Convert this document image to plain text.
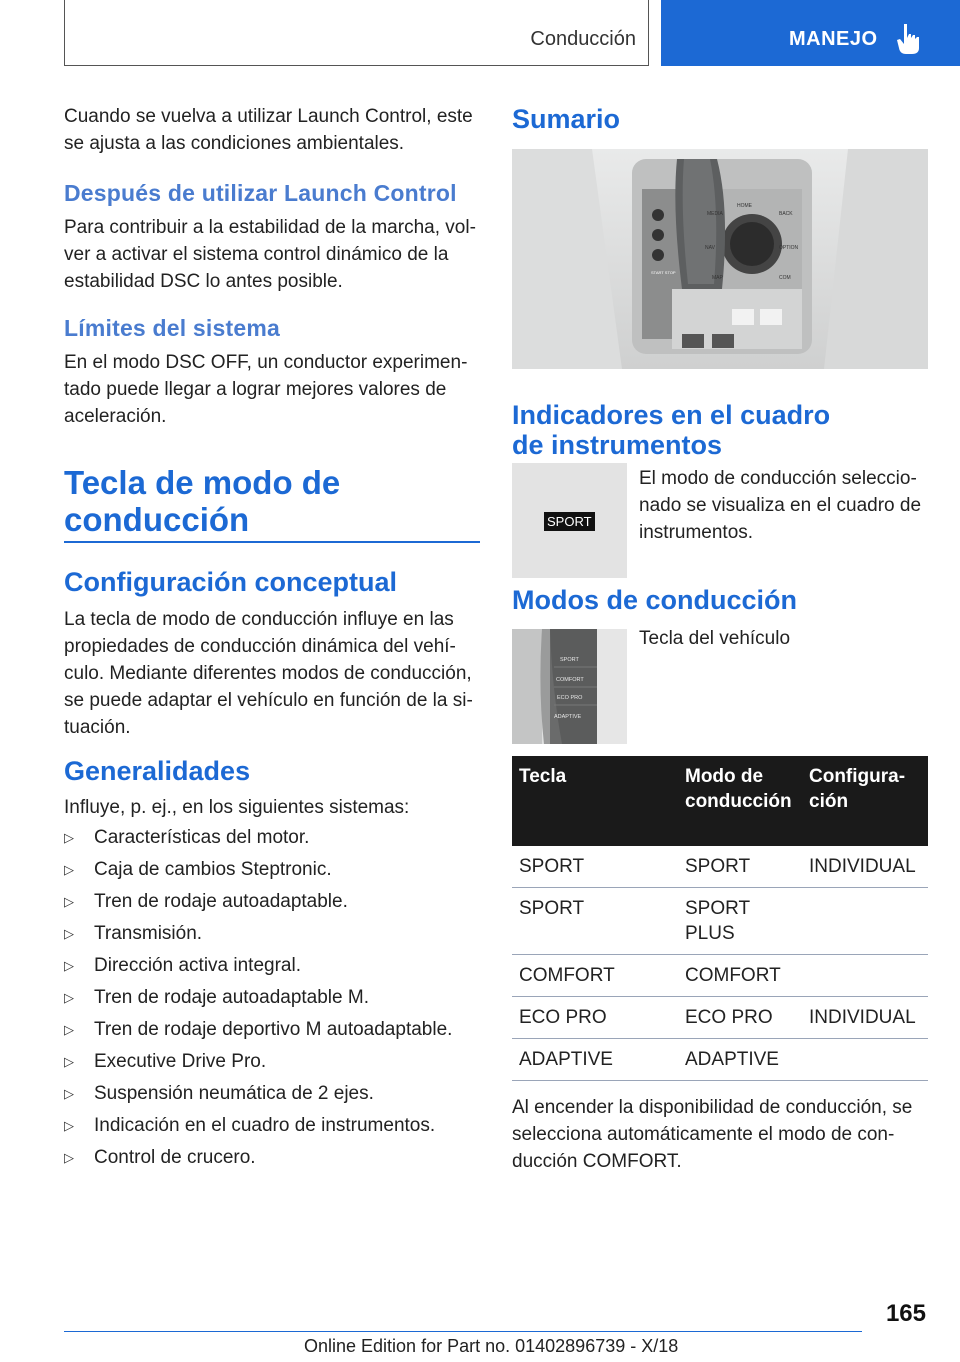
Conducción	MANEJO
Cuando se vuelva a utilizar Launch Control, este se ajusta a las condiciones ambientales.
Después de utilizar Launch Control
Para contribuir a la estabilidad de la marcha, volver a activar el sistema control dinámico de la estabilidad DSC lo antes posible.
Límites del sistema
En el modo DSC OFF, un conductor experimentado puede llegar a lograr mejores valores de aceleración.
Tecla de modo de conducción
Configuración conceptual
La tecla de modo de conducción influye en las propiedades de conducción dinámica del vehículo. Mediante diferentes modos de conducción, se puede adaptar el vehículo en función de la situación.
Generalidades
Influye, p. ej., en los siguientes sistemas:
▷ Características del motor.
▷ Caja de cambios Steptronic.
▷ Tren de rodaje autoadaptable.
▷ Transmisión.
▷ Dirección activa integral.
▷ Tren de rodaje autoadaptable M.
▷ Tren de rodaje deportivo M autoadaptable.
▷ Executive Drive Pro.
▷ Suspensión neumática de 2 ejes.
▷ Indicación en el cuadro de instrumentos.
▷ Control de crucero.
Sumario
MEDIA
HOME
BACK
OPTION
COM
NAV
MAP
START STOP
Indicadores en el cuadro
de instrumentos
SPORT
El modo de conducción seleccionado se visualiza en el cuadro de instrumentos.
Modos de conducción
SPORT
COMFORT
ECO PRO
ADAPTIVE
Tecla del vehículo
Tecla	Modo de conducción	Configuración
SPORT	SPORT	INDIVIDUAL
SPORT	SPORT PLUS	
COMFORT	COMFORT	
ECO PRO	ECO PRO	INDIVIDUAL
ADAPTIVE	ADAPTIVE	
Al encender la disponibilidad de conducción, se selecciona automáticamente el modo de conducción COMFORT.
165
Online Edition for Part no. 01402896739 - X/18
